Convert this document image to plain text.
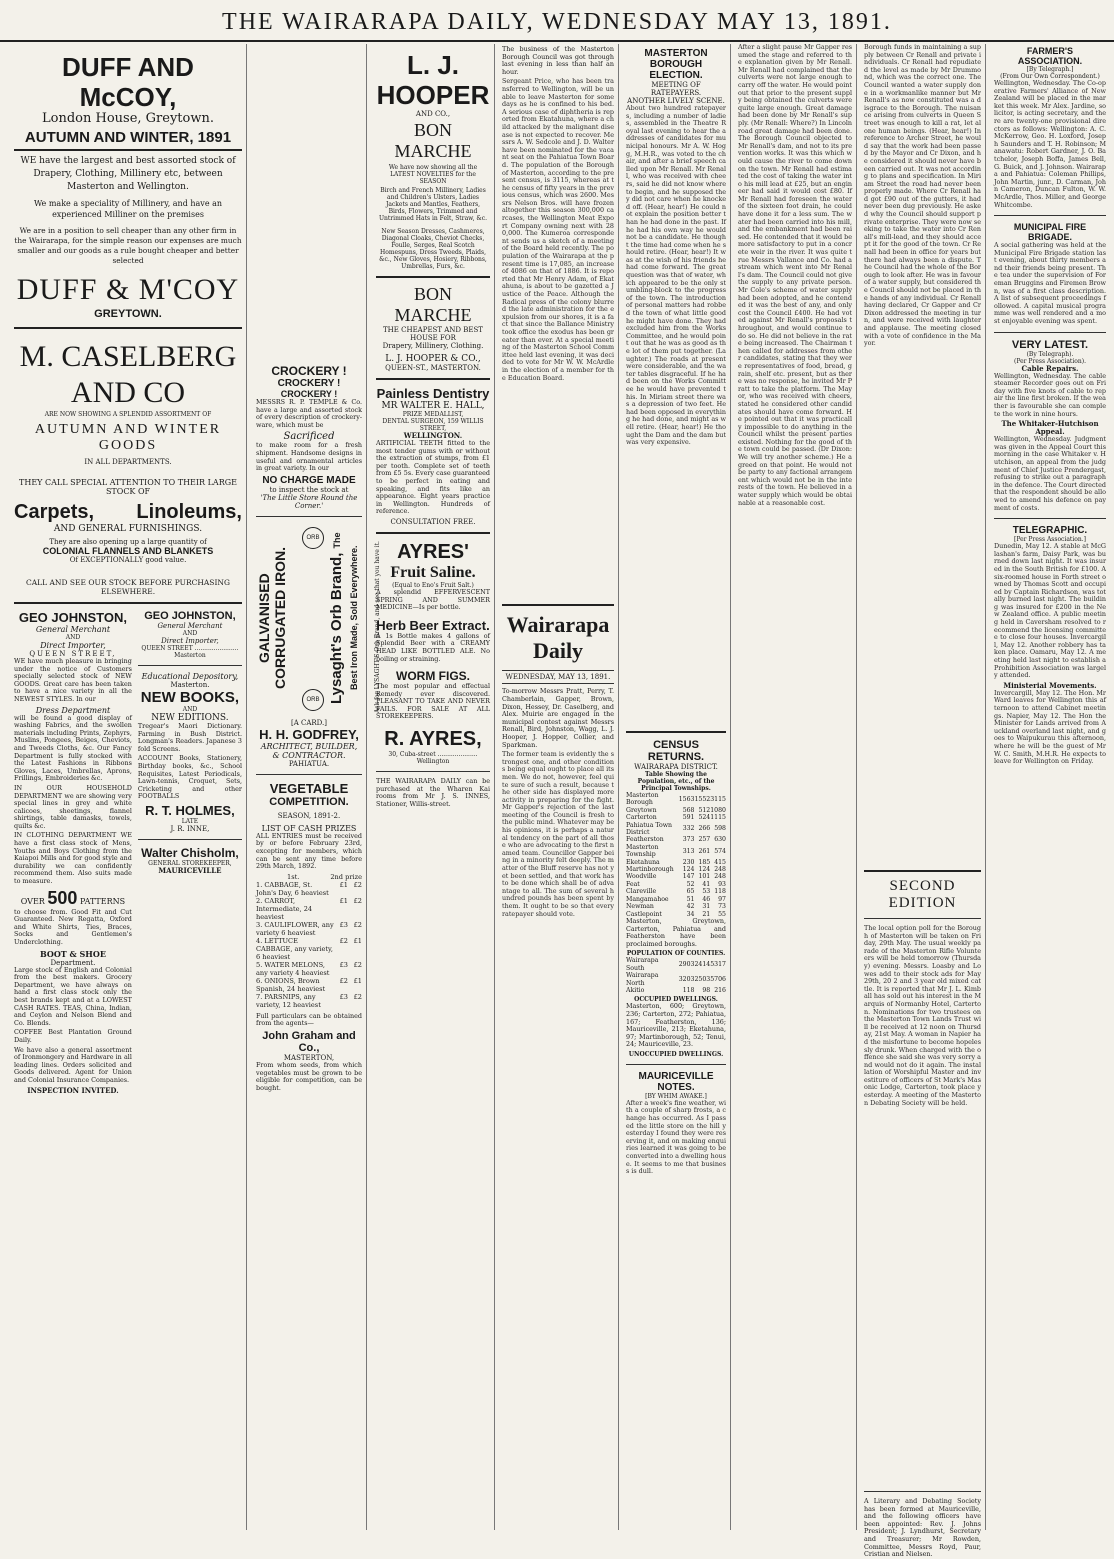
THE WAIRARAPA DAILY, WEDNESDAY MAY 13, 1891.
DUFF AND McCOY,
London House, Greytown.
AUTUMN AND WINTER, 1891
WE have the largest and best assorted stock of Drapery, Clothing, Millinery etc, between Masterton and Wellington.
We make a speciality of Millinery, and have an experienced Milliner on the premises
We are in a position to sell cheaper than any other firm in the Wairarapa, for the simple reason our expenses are much smaller and our goods as a rule bought cheaper and better selected
DUFF & M'COY
GREYTOWN.
M. CASELBERG AND CO
ARE NOW SHOWING A SPLENDID ASSORTMENT OF
AUTUMN AND WINTER GOODS
IN ALL DEPARTMENTS.
THEY CALL SPECIAL ATTENTION TO THEIR LARGE STOCK OF
Carpets, Linoleums,
AND GENERAL FURNISHINGS.
They are also opening up a large quantity of
COLONIAL FLANNELS AND BLANKETS
Of EXCEPTIONALLY good value.
CALL AND SEE OUR STOCK BEFORE PURCHASING ELSEWHERE.
GEO JOHNSTON,
General Merchant
AND
Direct Importer,
QUEEN STREET,
WE have much pleasure in bringing under the notice of Customers specially selected stock of NEW GOODS. Great care has been taken to have a nice variety in all the NEWEST STYLES. In our
Dress Department
will be found a good display of washing Fabrics, and the swollen materials including Prints, Zephyrs, Muslins, Pongees, Beiges, Cheviots, and Tweeds Cloths, &c. Our Fancy Department is fully stocked with the Latest Fashions in Ribbons Gloves, Laces, Umbrellas, Aprons, Frillings, Embroideries &c.
IN OUR HOUSEHOLD DEPARTMENT we are showing very special lines in grey and white calicoes, sheetings, flannel shirtings, table damasks, towels, quilts &c.
IN CLOTHING DEPARTMENT WE have a first class stock of Mens, Youths and Boys Clothing from the Kaiapoi Mills and for good style and durability we can confidently recommend them. Also suits made to measure.
OVER 500 PATTERNS
to choose from. Good Fit and Cut Guaranteed. New Regatta, Oxford and White Shirts, Ties, Braces, Socks and Gentlemen's Underclothing.
BOOT & SHOE
Department.
Large stock of English and Colonial from the best makers. Grocery Department, we have always on hand a first class stock only the best brands kept and at a LOWEST CASH RATES. TEAS, China, Indian, and Ceylon and Nelson Blend and Co. Blends.
COFFEE Best Plantation Ground Daily.
We have also a general assortment of Ironmongery and Hardware in all leading lines. Orders solicited and Goods delivered. Agent for Union and Colonial Insurance Companies.
INSPECTION INVITED.
GEO JOHNSTON,
General Merchant
AND
Direct Importer,
QUEEN STREET ....................... Masterton
Educational Depository,
Masterton.
NEW BOOKS,
AND
NEW EDITIONS.
Tregear's Maori Dictionary. Farming in Bush District. Longman's Readers. Japanese 3 fold Screens.
ACCOUNT Books, Stationery, Birthday books, &c., School Requisites, Latest Periodicals, Lawn-tennis, Croquet, Sets, Cricketing and other FOOTBALLS
R. T. HOLMES,
LATE
J. R. INNE,
Walter Chisholm,
GENERAL STOREKEEPER,
MAURICEVILLE
CROCKERY !
CROCKERY !
CROCKERY !
MESSRS R. P. TEMPLE & Co. have a large and assorted stock of every description of crockery-ware, which must be
Sacrificed
to make room for a fresh shipment. Handsome designs in useful and ornamental articles in great variety. In our
NO CHARGE MADE
to inspect the stock at
'The Little Store Round the Corner.'
GALVANISED CORRUGATED IRON.
ORB
ORB Lysaght's Orb Brand, The Best Iron Made, Sold Everywhere.	Ask for LYSAGHT'S Orb Brand, and see that you have it.
[A CARD.]
H. H. GODFREY,
ARCHITECT, BUILDER,
& CONTRACTOR.
PAHIATUA.
VEGETABLE
COMPETITION.
SEASON, 1891-2.
LIST OF CASH PRIZES
ALL ENTRIES must be received by or before February 23rd, excepting for members, which can be sent any time before 29th March, 1892.
1st.	2nd prize
1. CABBAGE, St. John's Day, 6 heaviest
£1 £2
2. CARROT, Intermediate, 24 heaviest
£1 £2
3. CAULIFLOWER, any variety 6 heaviest
£3 £2
4. LETTUCE CABBAGE, any variety, 6 heaviest
£2 £1
5. WATER MELONS, any variety 4 heaviest
£3 £2
6. ONIONS, Brown Spanish, 24 heaviest
£2 £1
7. PARSNIPS, any variety, 12 heaviest
£3 £2
Full particulars can be obtained from the agents—
John Graham and Co.,
MASTERTON,
From whom seeds, from which vegetables must be grown to be eligible for competition, can be bought.
L. J. HOOPER
AND CO.,
BON MARCHE
We have now showing all the LATEST NOVELTIES for the SEASON
Birch and French Millinery, Ladies and Children's Ulsters, Ladies Jackets and Mantles, Feathers, Birds, Flowers, Trimmed and Untrimmed Hats in Felt, Straw, &c.
New Season Dresses, Cashmeres, Diagonal Cloaks, Cheviot Checks, Foulle, Serges, Real Scotch Homespuns, Dress Tweeds, Plaids, &c., New Gloves, Hosiery, Ribbons, Umbrellas, Furs, &c.
BON MARCHE
THE CHEAPEST AND BEST HOUSE FOR
Drapery, Millinery, Clothing.
L. J. HOOPER & CO.,
QUEEN-ST., MASTERTON.
Painless Dentistry
MR WALTER E. HALL,
PRIZE MEDALLIST,
DENTAL SURGEON, 159 WILLIS STREET,
WELLINGTON.
ARTIFICIAL TEETH fitted to the most tender gums with or without the extraction of stumps, from £1 per tooth. Complete set of teeth from £5 5s. Every case guaranteed to be perfect in eating and speaking, and fits like an appearance. Eight years practice in Wellington. Hundreds of reference.
CONSULTATION FREE.
AYRES'
Fruit Saline.
(Equal to Eno's Fruit Salt.)
A splendid EFFERVESCENT SPRING AND SUMMER MEDICINE—Is per bottle.
Herb Beer Extract.
A 1s Bottle makes 4 gallons of Splendid Beer with a CREAMY HEAD LIKE BOTTLED ALE. No boiling or straining.
WORM FIGS.
The most popular and effectual Remedy ever discovered. PLEASANT TO TAKE AND NEVER FAILS. FOR SALE AT ALL STOREKEEPERS.
R. AYRES,
30, Cuba-street ..................... Wellington
THE WAIRARAPA DAILY can be purchased at the Wharen Kai rooms from Mr J. S. INNES, Stationer, Willis-street.
The business of the Masterton Borough Council was got through last evening in less than half an hour.
Sergeant Price, who has been transferred to Wellington, will be unable to leave Masterton for some days as he is confined to his bed. A serious case of diphtheria is reported from Ekatahuna, where a child attacked by the malignant disease is not expected to recover. Messrs A. W. Sedcole and J. D. Walter have been nominated for the vacant seat on the Pahiatua Town Board. The population of the Borough of Masterton, according to the present census, is 3115, whereas at the census of fifty years in the previous census, which was 2600. Messrs Nelson Bros. will have frozen altogether this season 300,000 carcases, the Wellington Meat Export Company owning next with 280,000. The Kumeroa correspondent sends us a sketch of a meeting of the Board held recently. The population of the Wairarapa at the present time is 17,085, an increase of 4086 on that of 1886. It is reported that Mr Henry Adam, of Ekatahuna, is about to be gazetted a Justice of the Peace. Although the Radical press of the colony blurred the late administration for the expulsion from our shores, it is a fact that since the Ballance Ministry took office the exodus has been greater than ever. At a special meeting of the Masterton School Committee held last evening, it was decided to vote for Mr W. W. McArdle in the election of a member for the Education Board.
Wairarapa Daily
WEDNESDAY, MAY 13, 1891.
To-morrow Messrs Pratt, Perry, T. Chamberlain, Gapper, Brown, Dixon, Hessey, Dr. Caselberg, and Alex. Muirie are engaged in the municipal contest against Messrs Renall, Bird, Johnston, Wagg, L. J. Hooper, J. Hopper, Collier, and Sparkman.
The former team is evidently the strongest one, and other conditions being equal ought to place all its men. We do not, however, feel quite sure of such a result, because the other side has displayed more activity in preparing for the fight. Mr Gapper's rejection of the last meeting of the Council is fresh to the public mind. Whatever may be his opinions, it is perhaps a natural tendency on the part of all those who are advocating to the first named team. Councillor Gapper being in a minority felt deeply. The matter of the Bluff reserve has not yet been settled, and that work has to be done which shall be of advantage to all. The sum of several hundred pounds has been spent by them. It ought to be so that every ratepayer should vote.
MASTERTON BOROUGH ELECTION.
MEETING OF RATEPAYERS.
ANOTHER LIVELY SCENE.
About two hundred ratepayers, including a number of ladies, assembled in the Theatre Royal last evening to hear the addresses of candidates for municipal honours. Mr A. W. Hogg, M.H.R., was voted to the chair, and after a brief speech called upon Mr Renall. Mr Renall, who was received with cheers, said he did not know where to begin, and he supposed they did not care when he knocked off. (Hear, hear!) He could not explain the position better than he had done in the past. If he had his own way he would not be a candidate. He thought the time had come when he should retire. (Hear, hear!) It was at the wish of his friends he had come forward. The great question was that of water, which appeared to be the only stumbling-block to the progress of the town. The introduction of personal matters had robbed the town of what little good he might have done. They had excluded him from the Works Committee, and he would point out that he was as good as the lot of them put together. (Laughter.) The roads at present were considerable, and the water tables disgraceful. If he had been on the Works Committee he would have prevented this. In Miriam street there was a depression of two feet. He had been opposed in everything he had done, and might as well retire. (Hear, hear!) He thought the Dam and the dam but was very expensive.
CENSUS RETURNS.
WAIRARAPA DISTRICT.
Table Showing the Population, etc., of the Principal Townships.
Masterton Borough	1563	1552	3115
Greytown	568	512	1080
Carterton	591	524	1115
Pahiatua Town District	332	266	598
Featherston	373	257	630
Masterton Township	313	261	574
Eketahuna	230	185	415
Martinborough	124	124	248
Woodville	147	101	248
Feat	52	41	93
Clareville	65	53	118
Mangamahoe	51	46	97
Newman	42	31	73
Castlepoint	34	21	55
Masterton, Greytown, Carterton, Pahiatua and Featherston have been proclaimed boroughs.
POPULATION OF COUNTIES.
Wairarapa South	2903	2414	5317
Wairarapa North	3203	2503	5706
Akitio	118	98	216
OCCUPIED DWELLINGS.
Masterton, 600; Greytown, 236; Carterton, 272; Pahiatua, 167; Featherston, 136; Mauriceville, 213; Eketahuna, 97; Martinborough, 52; Tenui, 24; Mauriceville, 23.
UNOCCUPIED DWELLINGS.
MAURICEVILLE NOTES.
[BY WHIM AWAKE.]
After a week's fine weather, with a couple of sharp frosts, a change has occurred. As I passed the little store on the hill yesterday I found they were reserving it, and on making enquiries learned it was going to be converted into a dwelling house. It seems to me that business is dull.
After a slight pause Mr Gapper resumed the stage and referred to the explanation given by Mr Renall. Mr Renall had complained that the culverts were not large enough to carry off the water. He would point out that prior to the present supply being obtained the culverts were quite large enough. Great damage had been done by Mr Renall's supply. (Mr Renall: Where?) In Lincoln road great damage had been done. The Borough Council objected to Mr Renall's dam, and not to its prevention works. It was this which would cause the river to come down on the town. Mr Renall had estimated the cost of taking the water into his mill lead at £25, but an engineer had said it would cost £80. If Mr Renall had foreseen the water of the sixteen foot drain, he could have done it for a less sum. The water had been carried into his mill, and the embankment had been raised. He contended that it would be more satisfactory to put in a concrete weir in the river. It was quite true Messrs Vallance and Co. had a stream which went into Mr Renall's dam. The Council could not give the supply to any private person. Mr Cole's scheme of water supply had been adopted, and he contended it was the best of any, and only cost the Council £400. He had voted against Mr Renall's proposals throughout, and would continue to do so. He did not believe in the rate being increased. The Chairman then called for addresses from other candidates, stating that they were representatives of food, bread, grain, shelf etc. present, but as there was no response, he invited Mr Pratt to take the platform. The Mayor, who was received with cheers, stated he considered other candidates should have come forward. He pointed out that it was practically impossible to do anything in the Council whilst the present parties existed. Nothing for the good of the town could be passed. (Dr Dixon: We will try another scheme.) He agreed on that point. He would not be party to any factional arrangement which would not be in the interests of the town. He believed in a water supply which would be obtainable at a reasonable cost.
Borough funds in maintaining a supply between Cr Renall and private individuals. Cr Renall had repudiated the level as made by Mr Drummond, which was the correct one. The Council wanted a water supply done in a workmanlike manner but Mr Renall's as now constituted was a disgrace to the Borough. The nuisance arising from culverts in Queen Street was enough to kill a rat, let alone human beings. (Hear, hear!) In reference to Archer Street, he would say that the work had been passed by the Mayor and Cr Dixon, and he considered it should never have been carried out. It was not according to plans and specification. In Miriam Street the road had never been properly made. Where Cr Renall had got £90 out of the gutters, it had never been dug previously. He asked why the Council should support private enterprise. They were now seeking to take the water into Cr Renall's mill-lead, and they should accept it for the good of the town. Cr Renall had been in office for years but there had always been a dispute. The Council had the whole of the Borough to look after. He was in favour of a water supply, but considered the Council should not be placed in the hands of any individual. Cr Renall having declared, Cr Gapper and Cr Dixon addressed the meeting in turn, and were received with laughter and applause. The meeting closed with a vote of confidence in the Mayor.
SECOND EDITION
The local option poll for the Borough of Masterton will be taken on Friday, 29th May. The usual weekly parade of the Masterton Rifle Volunteers will be held tomorrow (Thursday) evening. Messrs. Loasby and Lowes add to their stock ads for May 29th, 20 2 and 3 year old mixed cattle. It is reported that Mr J. L. Kimball has sold out his interest in the Marquis of Normanby Hotel, Carterton. Nominations for two trustees on the Masterton Town Lands Trust will be received at 12 noon on Thursday, 21st May. A woman in Napier had the misfortune to become hopelessly drunk. When charged with the offence she said she was very sorry and would not do it again. The installation of Worshipful Master and investiture of officers of St Mark's Masonic Lodge, Carterton, took place yesterday. A meeting of the Masterton Debating Society will be held.
A Literary and Debating Society has been formed at Mauriceville, and the following officers have been appointed: Rev. J. Johns President; J. Lyndhurst, Secretary and Treasurer; Mr Rowden, Committee, Messrs Royd, Paur, Cristian and Nielsen.
FARMER'S ASSOCIATION.
[By Telegraph.]
(From Our Own Correspondent.)
Wellington, Wednesday. The Co-operative Farmers' Alliance of New Zealand will be placed in the market this week. Mr Alex. Jardine, solicitor, is acting secretary, and there are twenty-one provisional directors as follows: Wellington: A. C. McKerrow, Geo. H. Loxford, Joseph Saunders and T. H. Robinson; Manawatu: Robert Gardner, J. O. Batchelor, Joseph Boffa, James Bell, G. Buick, and J. Johnson. Wairarapa and Pahiatua: Coleman Phillips, John Martin, junr., D. Carman, John Cameron, Duncan Fulton, W. W. McArdle, Thos. Miller, and George Whitcombe.
MUNICIPAL FIRE BRIGADE.
A social gathering was held at the Municipal Fire Brigade station last evening, about thirty members and their friends being present. The tea under the supervision of Foreman Bruggins and Firemen Brown, was of a first class description. A list of subsequent proceedings followed. A capital musical programme was well rendered and a most enjoyable evening was spent.
VERY LATEST.
(By Telegraph).
(Per Press Association).
Cable Repairs.
Wellington, Wednesday. The cable steamer Recorder goes out on Friday with five knots of cable to repair the line first broken. If the weather is favourable she can complete the work in nine hours.
The Whitaker-Hutchison Appeal.
Wellington, Wednesday. Judgment was given in the Appeal Court this morning in the case Whitaker v. Hutchison, an appeal from the judgment of Chief Justice Prendergast, refusing to strike out a paragraph in the defence. The Court directed that the respondent should be allowed to amend his defence on payment of costs.
TELEGRAPHIC.
[Per Press Association.]
Dunedin, May 12. A stable at McGlashan's farm, Daisy Park, was burned down last night. It was insured in the South British for £100. A six-roomed house in Forth street owned by Thomas Scott and occupied by Captain Richardson, was totally burned last night. The building was insured for £200 in the New Zealand office. A public meeting held in Caversham resolved to recommend the licensing committee to close four houses. Invercargill, May 12. Another robbery has taken place. Oamaru, May 12. A meeting held last night to establish a Prohibition Association was largely attended.
Ministerial Movements.
Invercargill, May 12. The Hon. Mr Ward leaves for Wellington this afternoon to attend Cabinet meetings. Napier, May 12. The Hon the Minister for Lands arrived from Auckland overland last night, and goes to Waipukurau this afternoon, where he will be the guest of Mr W. C. Smith, M.H.R. He expects to leave for Wellington on Friday.
